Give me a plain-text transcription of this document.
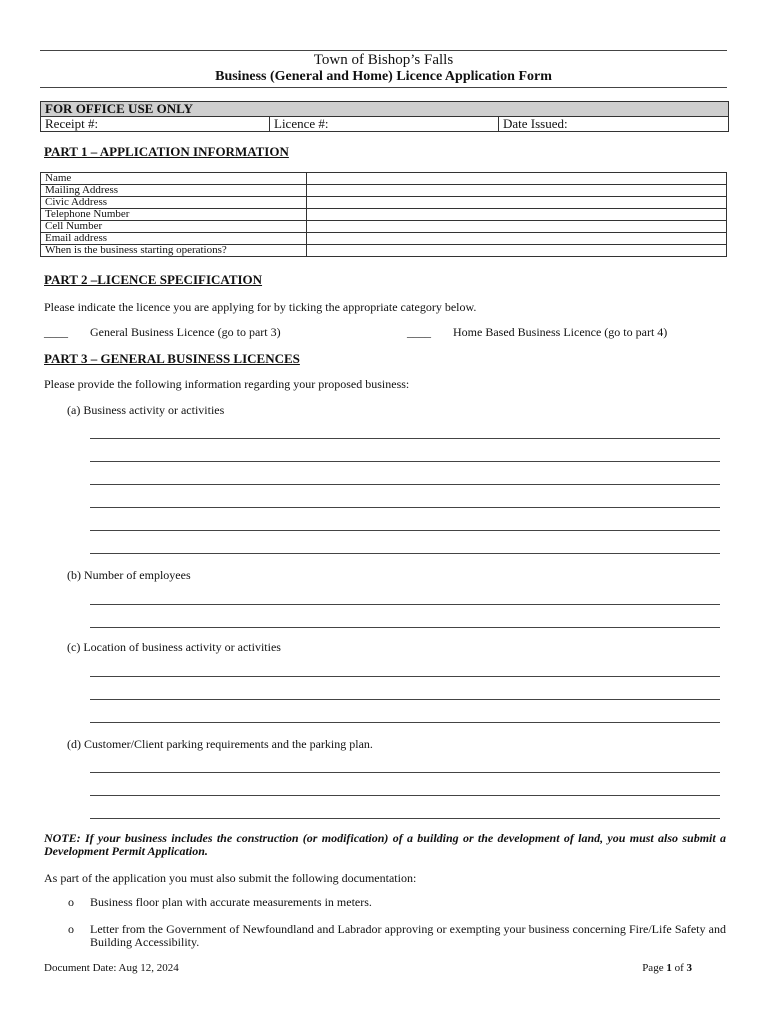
Town of Bishop’s Falls
Business (General and Home) Licence Application Form
FOR OFFICE USE ONLY
Receipt #:	Licence #:	Date Issued:
PART 1 – APPLICATION INFORMATION
Name	
Mailing Address	
Civic Address	
Telephone Number	
Cell Number	
Email address	
When is the business starting operations?	
PART 2 –LICENCE SPECIFICATION
Please indicate the licence you are applying for by ticking the appropriate category below.
____ General Business Licence (go to part 3)	____ Home Based Business Licence (go to part 4)
PART 3 – GENERAL BUSINESS LICENCES
Please provide the following information regarding your proposed business:
(a) Business activity or activities
(b) Number of employees
(c) Location of business activity or activities
(d) Customer/Client parking requirements and the parking plan.
NOTE: If your business includes the construction (or modification) of a building or the development of land, you must also submit a Development Permit Application.
As part of the application you must also submit the following documentation:
o Business floor plan with accurate measurements in meters.
o Letter from the Government of Newfoundland and Labrador approving or exempting your business concerning Fire/Life Safety and Building Accessibility.
Document Date: Aug 12, 2024	Page 1 of 3
